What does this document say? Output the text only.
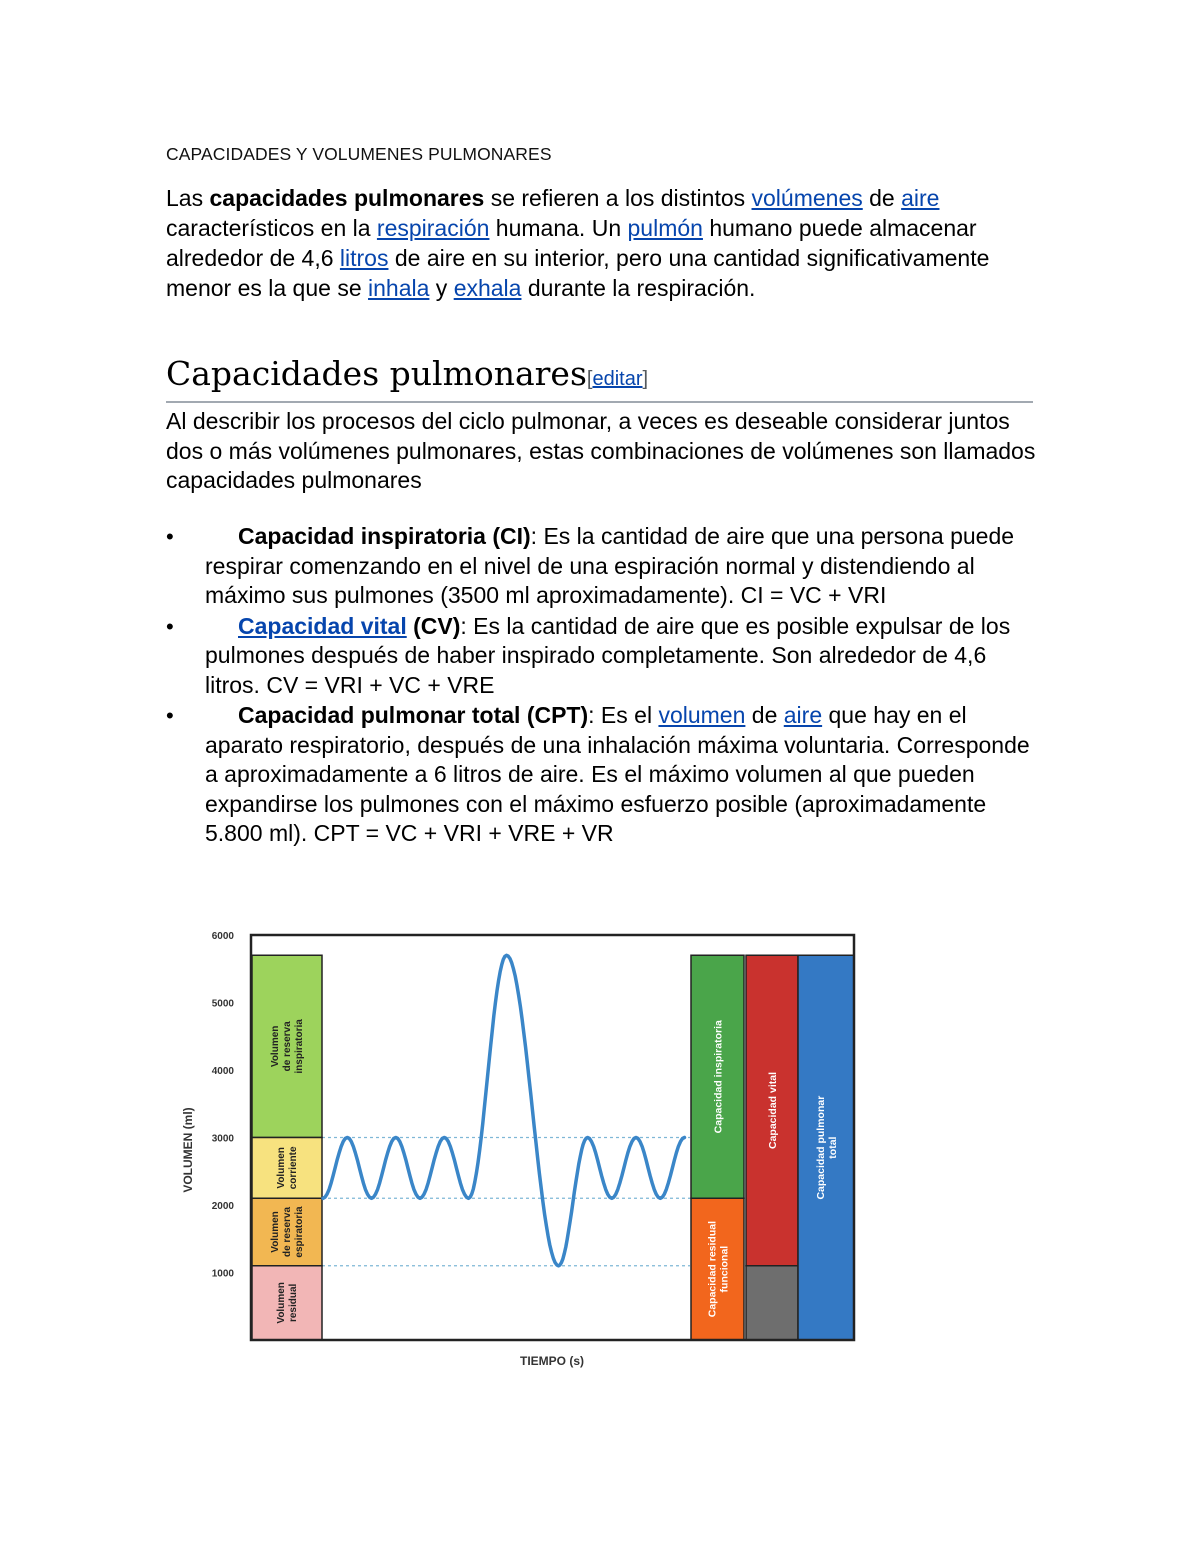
CAPACIDADES Y VOLUMENES PULMONARES

Las capacidades pulmonares se refieren a los distintos volúmenes de aire característicos en la respiración humana. Un pulmón humano puede almacenar alrededor de 4,6 litros de aire en su interior, pero una cantidad significativamente menor es la que se inhala y exhala durante la respiración.

Capacidades pulmonares[editar]

Al describir los procesos del ciclo pulmonar, a veces es deseable considerar juntos dos o más volúmenes pulmonares, estas combinaciones de volúmenes son llamados capacidades pulmonares

•	Capacidad inspiratoria (CI): Es la cantidad de aire que una persona puede respirar comenzando en el nivel de una espiración normal y distendiendo al máximo sus pulmones (3500 ml aproximadamente). CI = VC + VRI
•	Capacidad vital (CV): Es la cantidad de aire que es posible expulsar de los pulmones después de haber inspirado completamente. Son alrededor de 4,6 litros. CV = VRI + VC + VRE
•	Capacidad pulmonar total (CPT): Es el volumen de aire que hay en el aparato respiratorio, después de una inhalación máxima voluntaria. Corresponde a aproximadamente a 6 litros de aire. Es el máximo volumen al que pueden expandirse los pulmones con el máximo esfuerzo posible (aproximadamente 5.800 ml). CPT = VC + VRI + VRE + VR
Volumende reservainspiratoria
Volumencorriente
Volumende reservaespiratoria
Volumenresidual
Capacidad inspiratoria
Capacidad residualfuncional
Capacidad vital	Capacidad pulmonartotal
1000
2000
3000
4000
5000
6000
VOLUMEN (ml)
TIEMPO (s)
